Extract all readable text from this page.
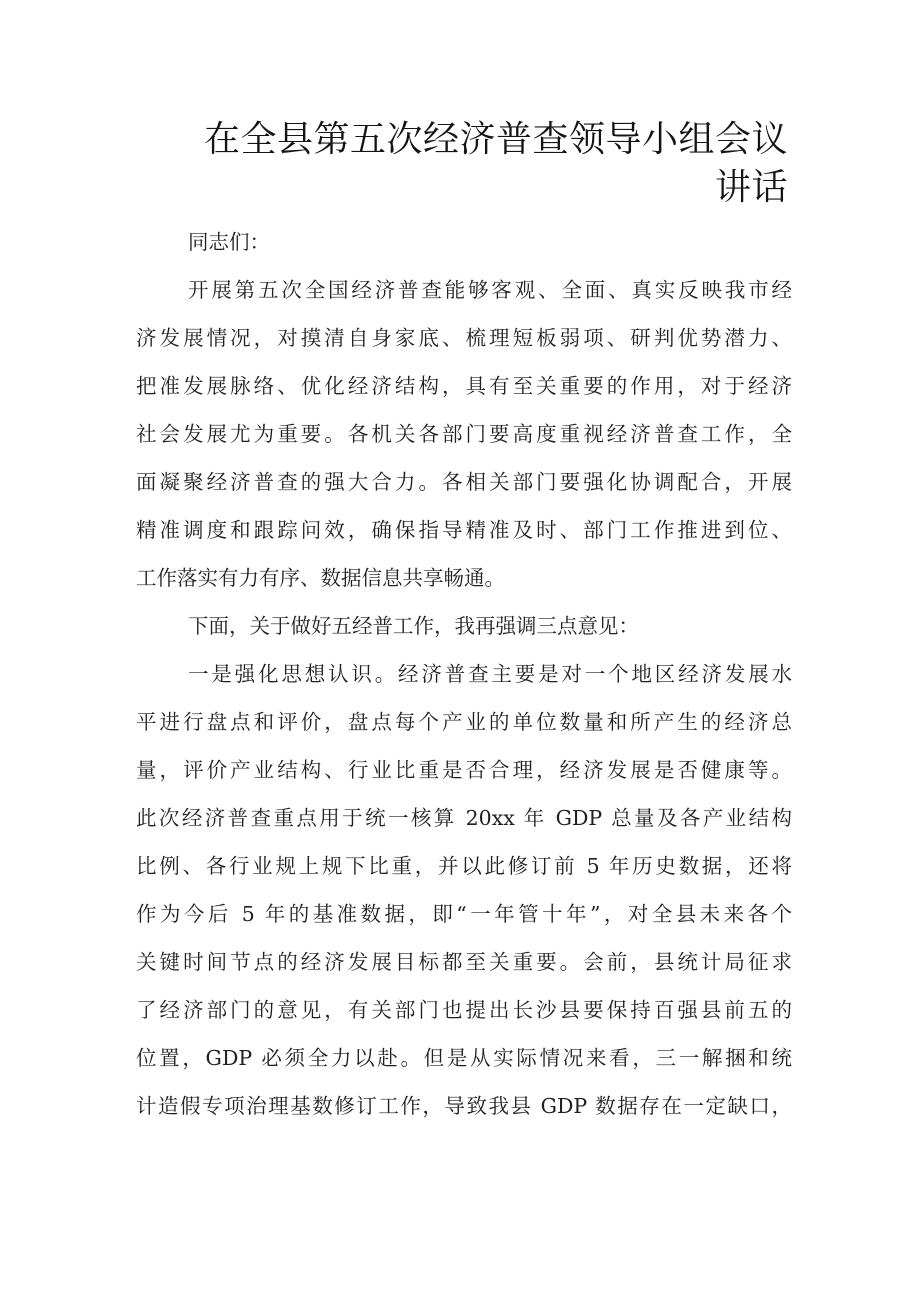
在全县第五次经济普查领导小组会议
讲话
同志们：
开展第五次全国经济普查能够客观、全面、真实反映我市经
济发展情况，对摸清自身家底、梳理短板弱项、研判优势潜力、
把准发展脉络、优化经济结构，具有至关重要的作用，对于经济
社会发展尤为重要。各机关各部门要高度重视经济普查工作，全
面凝聚经济普查的强大合力。各相关部门要强化协调配合，开展
精准调度和跟踪问效，确保指导精准及时、部门工作推进到位、
工作落实有力有序、数据信息共享畅通。
下面，关于做好五经普工作，我再强调三点意见：
一是强化思想认识。经济普查主要是对一个地区经济发展水
平进行盘点和评价，盘点每个产业的单位数量和所产生的经济总
量，评价产业结构、行业比重是否合理，经济发展是否健康等。
此次经济普查重点用于统一核算 20xx 年 GDP 总量及各产业结构
比例、各行业规上规下比重，并以此修订前 5 年历史数据，还将
作为今后 5 年的基准数据，即“一年管十年”，对全县未来各个
关键时间节点的经济发展目标都至关重要。会前，县统计局征求
了经济部门的意见，有关部门也提出长沙县要保持百强县前五的
位置，GDP 必须全力以赴。但是从实际情况来看，三一解捆和统
计造假专项治理基数修订工作，导致我县 GDP 数据存在一定缺口，
